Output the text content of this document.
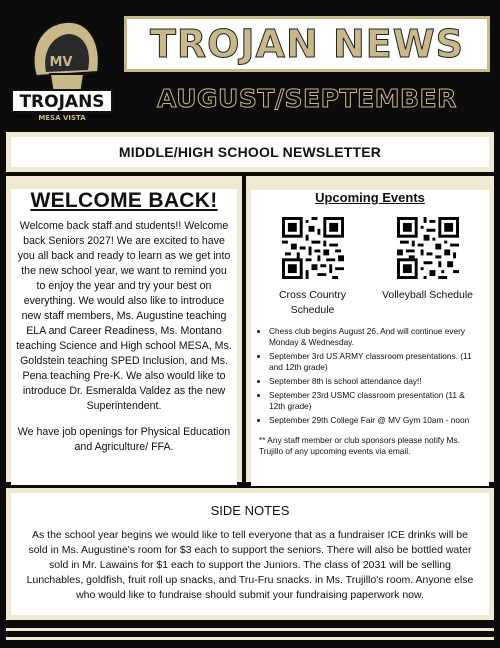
MV
TROJANS
MESA VISTA
TROJAN NEWS
AUGUST/SEPTEMBER
MIDDLE/HIGH SCHOOL NEWSLETTER
WELCOME BACK!

Welcome back staff and students!! Welcome back Seniors 2027! We are excited to have you all back and ready to learn as we get into the new school year, we want to remind you to enjoy the year and try your best on everything. We would also like to introduce new staff members, Ms. Augustine teaching ELA and Career Readiness, Ms. Montano teaching Science and High school MESA, Ms. Goldstein teaching SPED Inclusion, and Ms. Pena teaching Pre-K. We also would like to introduce Dr. Esmeralda Valdez as the new Superintendent.

We have job openings for Physical Education and Agriculture/ FFA.

Upcoming Events
Cross Country Schedule
Volleyball Schedule
• Chess club begins August 26, And will continue every Monday & Wednesday.
• September 3rd US ARMY classroom presentations. (11 and 12th grade)
• September 8th is school attendance day!!
• September 23rd USMC classroom presentation (11 & 12th grade)
• September 29th College Fair @ MV Gym 10am - noon
** Any staff member or club sponsors please notify Ms. Trujillo of any upcoming events via email.
SIDE NOTES
As the school year begins we would like to tell everyone that as a fundraiser ICE drinks will be sold in Ms. Augustine's room for $3 each to support the seniors. There will also be bottled water sold in Mr. Lawains for $1 each to support the Juniors. The class of 2031 will be selling Lunchables, goldfish, fruit roll up snacks, and Tru-Fru snacks. in Ms. Trujillo's room. Anyone else who would like to fundraise should submit your fundraising paperwork now.
